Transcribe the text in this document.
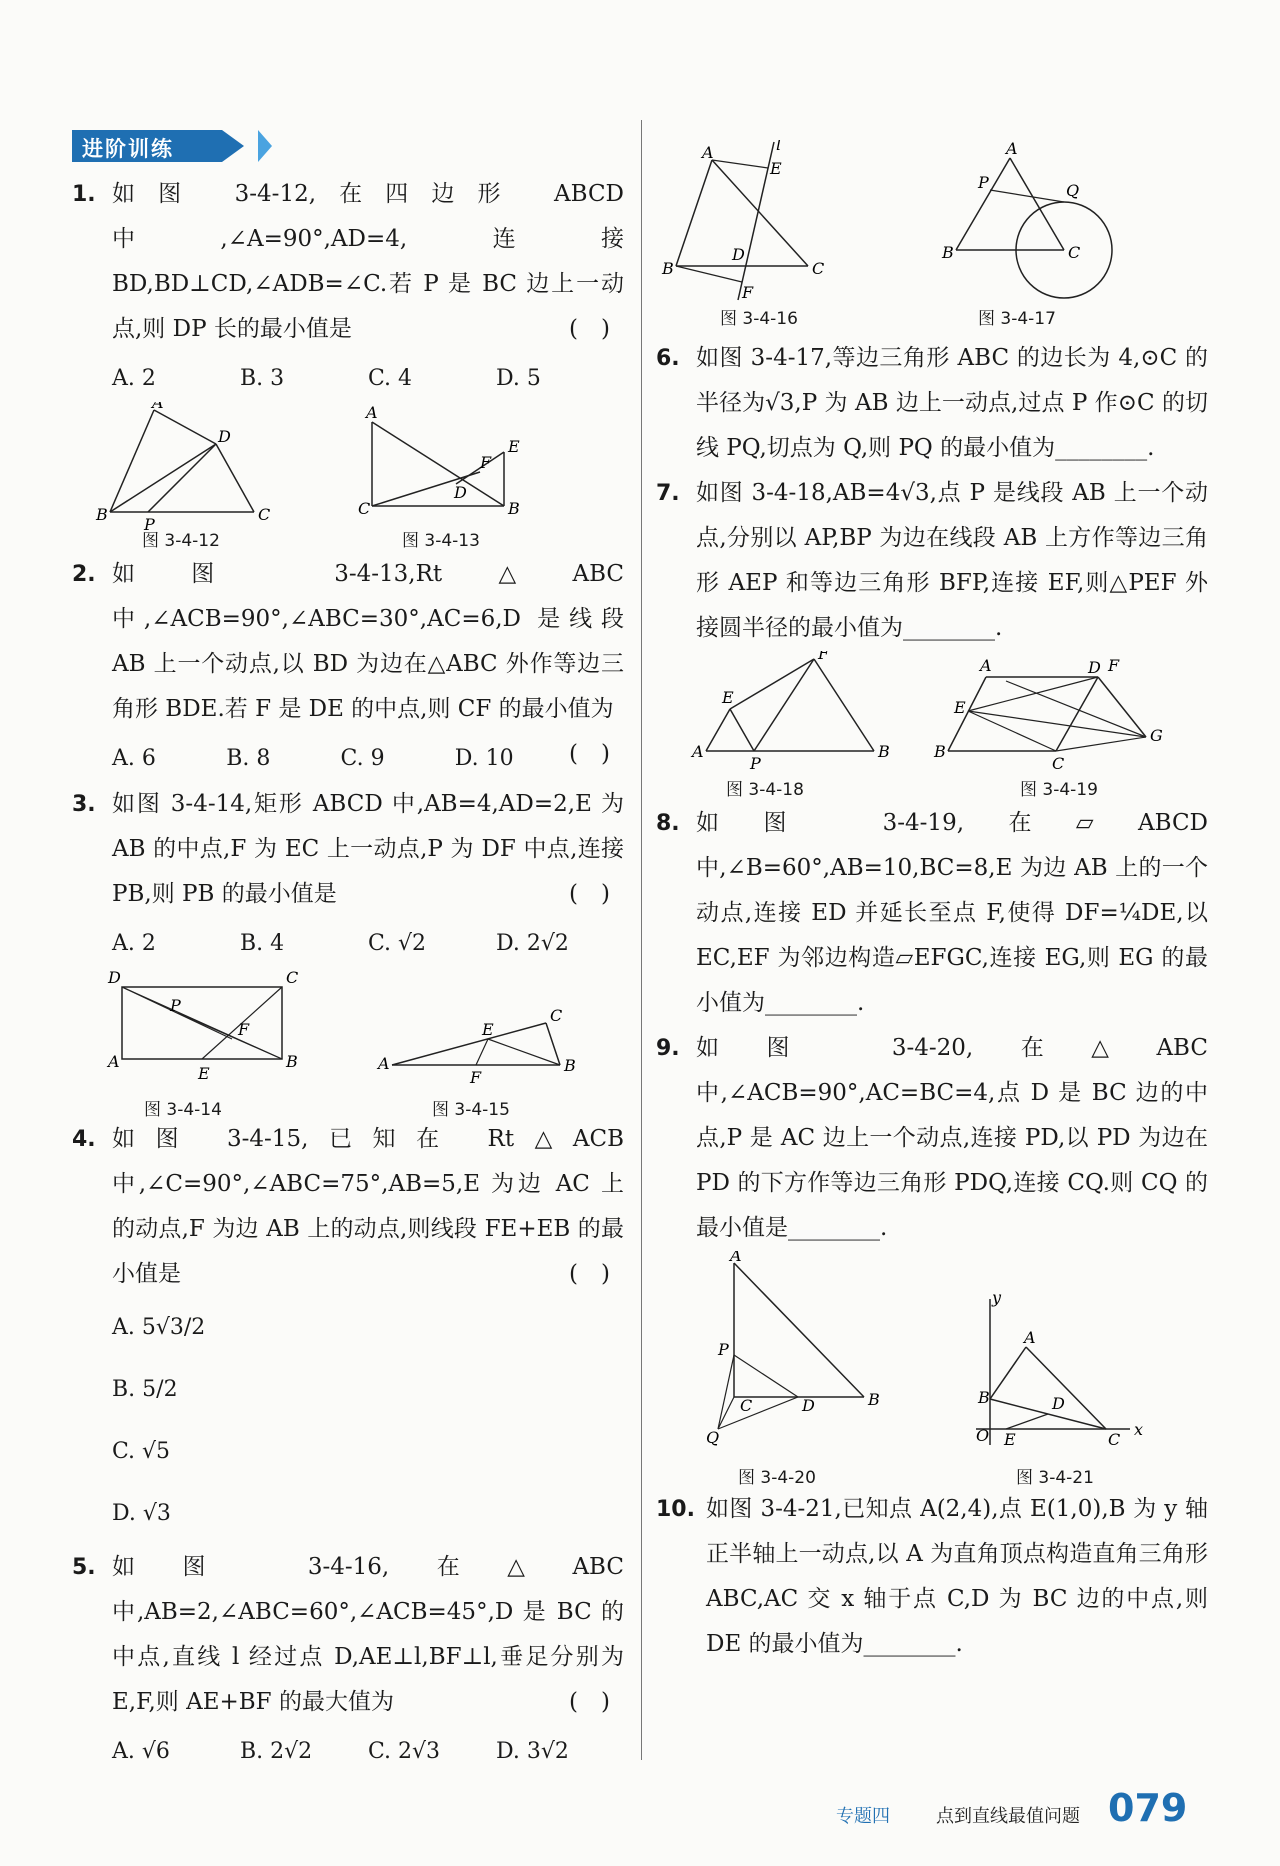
进阶训练
1. 如图 3-4-12,在四边形 ABCD 中,∠A=90°,AD=4,连接 BD,BD⊥CD,∠ADB=∠C.若 P 是 BC 边上一动点,则 DP 长的最小值是	(　)
A. 2	B. 3	C. 4	D. 5
A
D
B	C
P
A
C	B
E
F
D
图 3-4-12	图 3-4-13
2. 如图 3-4-13,Rt△ABC 中,∠ACB=90°,∠ABC=30°,AC=6,D 是线段 AB 上一个动点,以 BD 为边在△ABC 外作等边三角形 BDE.若 F 是 DE 的中点,则 CF 的最小值为
(　)
A. 6	B. 8	C. 9	D. 10
3. 如图 3-4-14,矩形 ABCD 中,AB=4,AD=2,E 为 AB 的中点,F 为 EC 上一动点,P 为 DF 中点,连接 PB,则 PB 的最小值是	(　)
A. 2	B. 4	C. √2	D. 2√2
D	C
A	B
E
F
P
A	B
C
E
F
图 3-4-14	图 3-4-15
4. 如图 3-4-15,已知在 Rt△ACB 中,∠C=90°,∠ABC=75°,AB=5,E 为边 AC 上的动点,F 为边 AB 上的动点,则线段 FE+EB 的最小值是	(　)
A. 5√3/2
B. 5/2
C. √5
D. √3
5. 如图 3-4-16,在△ABC 中,AB=2,∠ABC=60°,∠ACB=45°,D 是 BC 的中点,直线 l 经过点 D,AE⊥l,BF⊥l,垂足分别为 E,F,则 AE+BF 的最大值为	(　)
A. √6	B. 2√2	C. 2√3	D. 3√2
A	l
E
B	C
D
F
A
B	C
P	Q
图 3-4-16	图 3-4-17
6. 如图 3-4-17,等边三角形 ABC 的边长为 4,⊙C 的半径为√3,P 为 AB 边上一动点,过点 P 作⊙C 的切线 PQ,切点为 Q,则 PQ 的最小值为________.
7. 如图 3-4-18,AB=4√3,点 P 是线段 AB 上一个动点,分别以 AP,BP 为边在线段 AB 上方作等边三角形 AEP 和等边三角形 BFP,连接 EF,则△PEF 外接圆半径的最小值为________.
A	B
E
F
P
A	D F
E
G
B
C
图 3-4-18	图 3-4-19
8. 如图 3-4-19,在▱ABCD 中,∠B=60°,AB=10,BC=8,E 为边 AB 上的一个动点,连接 ED 并延长至点 F,使得 DF=¼DE,以 EC,EF 为邻边构造▱EFGC,连接 EG,则 EG 的最小值为________.
9. 如图 3-4-20,在△ABC 中,∠ACB=90°,AC=BC=4,点 D 是 BC 边的中点,P 是 AC 边上一个动点,连接 PD,以 PD 为边在 PD 的下方作等边三角形 PDQ,连接 CQ.则 CQ 的最小值是________.
A
B
C	D
P
Q
y
x
O
B
A
D
E	C
图 3-4-20	图 3-4-21
10. 如图 3-4-21,已知点 A(2,4),点 E(1,0),B 为 y 轴正半轴上一动点,以 A 为直角顶点构造直角三角形 ABC,AC 交 x 轴于点 C,D 为 BC 边的中点,则 DE 的最小值为________.
专题四	点到直线最值问题 079
